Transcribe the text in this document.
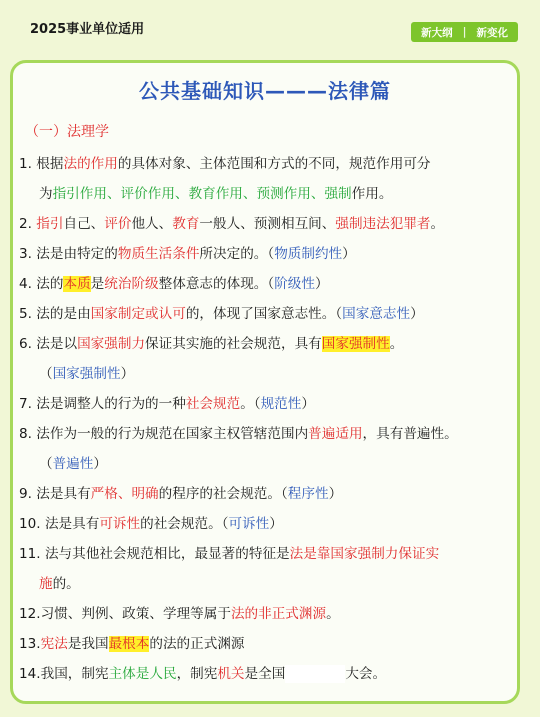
2025事业单位适用	新大纲 | 新变化
公共基础知识———法律篇
（一）法理学
1. 根据法的作用的具体对象、主体范围和方式的不同，规范作用可分
为指引作用、评价作用、教育作用、预测作用、强制作用。
2. 指引自己、评价他人、教育一般人、预测相互间、强制违法犯罪者。
3. 法是由特定的物质生活条件所决定的。（物质制约性）
4. 法的本质是统治阶级整体意志的体现。（阶级性）
5. 法的是由国家制定或认可的，体现了国家意志性。（国家意志性）
6. 法是以国家强制力保证其实施的社会规范，具有国家强制性。
（国家强制性）
7. 法是调整人的行为的一种社会规范。（规范性）
8. 法作为一般的行为规范在国家主权管辖范围内普遍适用，具有普遍性。
（普遍性）
9. 法是具有严格、明确的程序的社会规范。（程序性）
10. 法是具有可诉性的社会规范。（可诉性）
11. 法与其他社会规范相比，最显著的特征是法是靠国家强制力保证实
施的。
12.习惯、判例、政策、学理等属于法的非正式渊源。
13.宪法是我国最根本的法的正式渊源
14.我国，制宪主体是人民，制宪机关是全国	大会。
